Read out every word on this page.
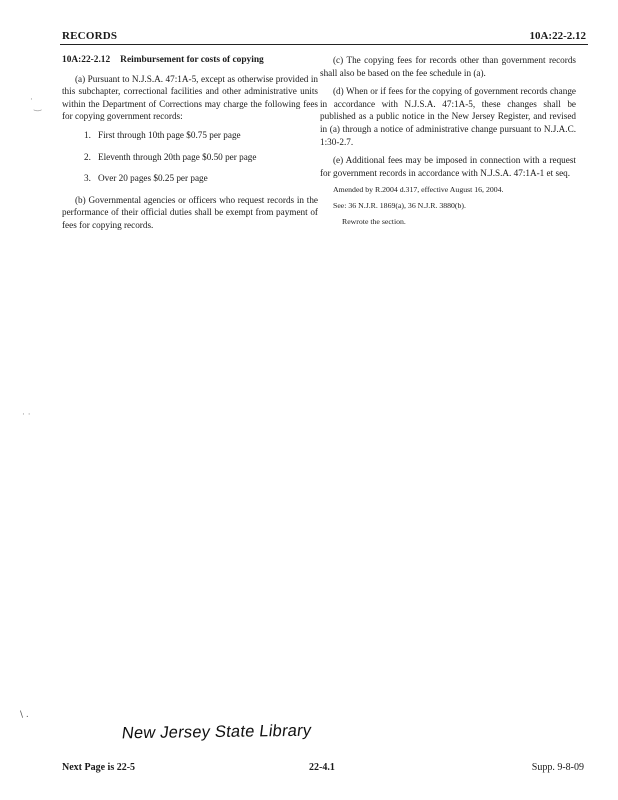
RECORDS	10A:22-2.12
·
‿
· ·
\ .
10A:22-2.12 Reimbursement for costs of copying

(a) Pursuant to N.J.S.A. 47:1A-5, except as otherwise provided in this subchapter, correctional facilities and other administrative units within the Department of Corrections may charge the following fees for copying government records:

1. First through 10th page $0.75 per page
2. Eleventh through 20th page $0.50 per page
3. Over 20 pages $0.25 per page

(b) Governmental agencies or officers who request records in the performance of their official duties shall be exempt from payment of fees for copying records.

(c) The copying fees for records other than government records shall also be based on the fee schedule in (a).

(d) When or if fees for the copying of government records change in accordance with N.J.S.A. 47:1A-5, these changes shall be published as a public notice in the New Jersey Register, and revised in (a) through a notice of administrative change pursuant to N.J.A.C. 1:30-2.7.

(e) Additional fees may be imposed in connection with a request for government records in accordance with N.J.S.A. 47:1A-1 et seq.

Amended by R.2004 d.317, effective August 16, 2004.

See: 36 N.J.R. 1869(a), 36 N.J.R. 3880(b).

Rewrote the section.

New Jersey State Library
Next Page is 22-5	22-4.1	Supp. 9-8-09
